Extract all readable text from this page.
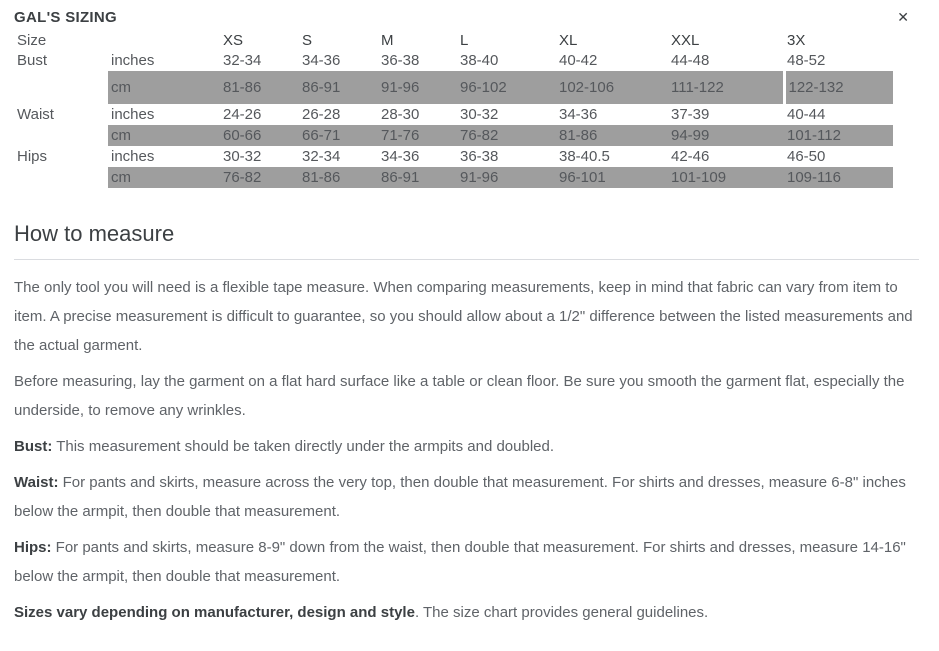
GAL'S SIZING	✕
Size		XS	S	M	L	XL	XXL	3X
Bust	inches	32-34	34-36	36-38	38-40	40-42	44-48	48-52
	cm	81-86	86-91	91-96	96-102	102-106	111-122	122-132
Waist	inches	24-26	26-28	28-30	30-32	34-36	37-39	40-44
	cm	60-66	66-71	71-76	76-82	81-86	94-99	101-112
Hips	inches	30-32	32-34	34-36	36-38	38-40.5	42-46	46-50
	cm	76-82	81-86	86-91	91-96	96-101	101-109	109-116
How to measure

The only tool you will need is a flexible tape measure. When comparing measurements, keep in mind that fabric can vary from item to item. A precise measurement is difficult to guarantee, so you should allow about a 1/2" difference between the listed measurements and the actual garment.

Before measuring, lay the garment on a flat hard surface like a table or clean floor. Be sure you smooth the garment flat, especially the underside, to remove any wrinkles.

Bust: This measurement should be taken directly under the armpits and doubled.

Waist: For pants and skirts, measure across the very top, then double that measurement. For shirts and dresses, measure 6-8" inches below the armpit, then double that measurement.

Hips: For pants and skirts, measure 8-9" down from the waist, then double that measurement. For shirts and dresses, measure 14-16" below the armpit, then double that measurement.

Sizes vary depending on manufacturer, design and style. The size chart provides general guidelines.
